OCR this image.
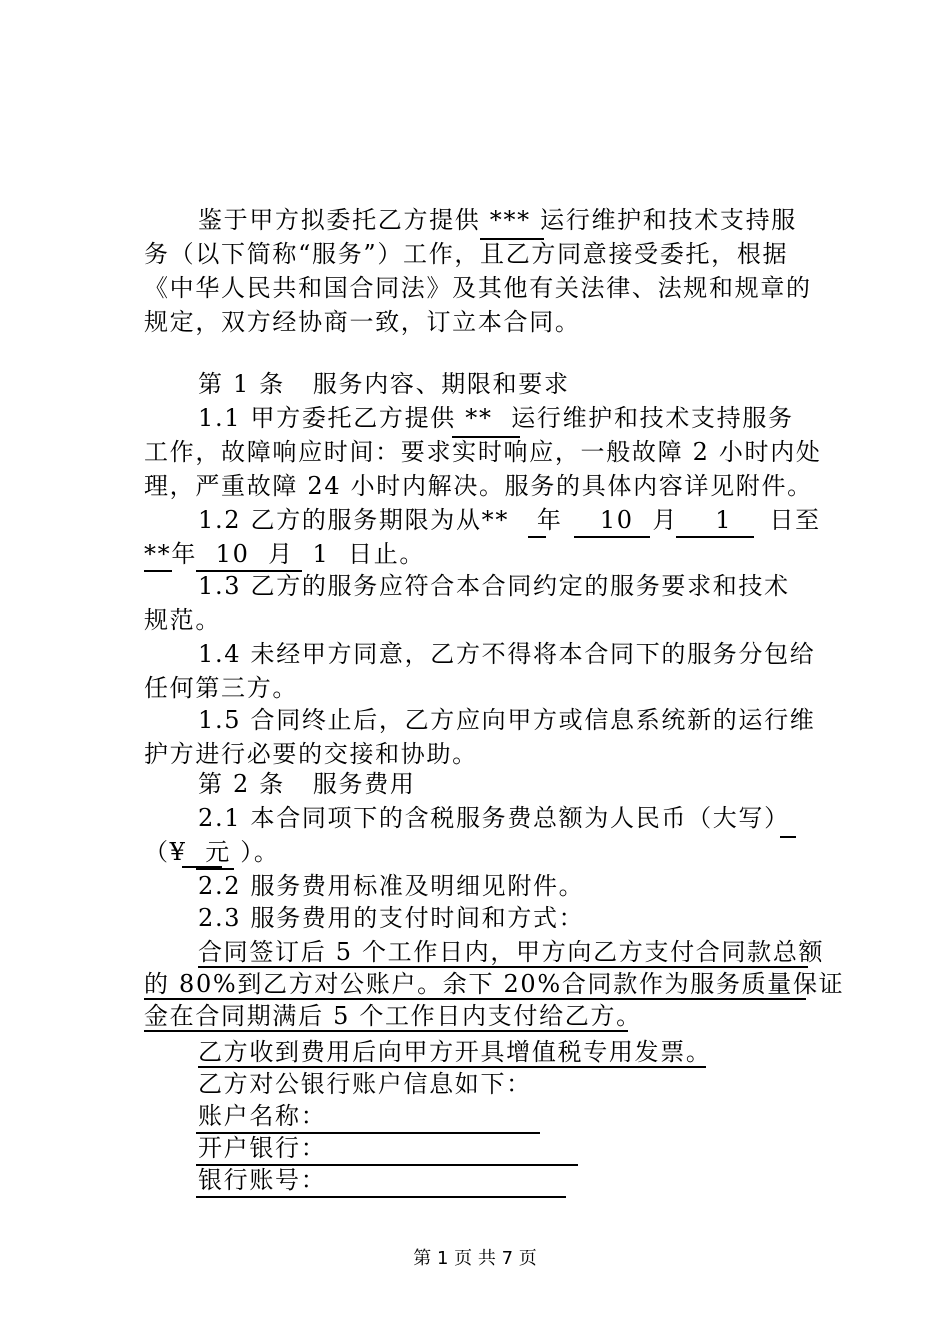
鉴于甲方拟委托乙方提供 *** 运行维护和技术支持服
务（以下简称“服务”）工作，且乙方同意接受委托，根据
《中华人民共和国合同法》及其他有关法律、法规和规章的
规定，双方经协商一致，订立本合同。
第 1 条   服务内容、期限和要求
1.1 甲方委托乙方提供 **  运行维护和技术支持服务
工作，故障响应时间：要求实时响应，一般故障 2 小时内处
理，严重故障 24 小时内解决。服务的具体内容详见附件。
1.2 乙方的服务期限为从**   年    10  月    1    日至
**年  10  月  1  日止。
1.3 乙方的服务应符合本合同约定的服务要求和技术
规范。
1.4 未经甲方同意，乙方不得将本合同下的服务分包给
任何第三方。
1.5 合同终止后，乙方应向甲方或信息系统新的运行维
护方进行必要的交接和协助。
第 2 条   服务费用
2.1 本合同项下的含税服务费总额为人民币（大写）
（¥  元 ）。
2.2 服务费用标准及明细见附件。
2.3 服务费用的支付时间和方式：
合同签订后 5 个工作日内，甲方向乙方支付合同款总额
的 80%到乙方对公账户。余下 20%合同款作为服务质量保证
金在合同期满后 5 个工作日内支付给乙方。
乙方收到费用后向甲方开具增值税专用发票。
乙方对公银行账户信息如下：
账户名称：
开户银行：
银行账号：
第 1 页 共 7 页
